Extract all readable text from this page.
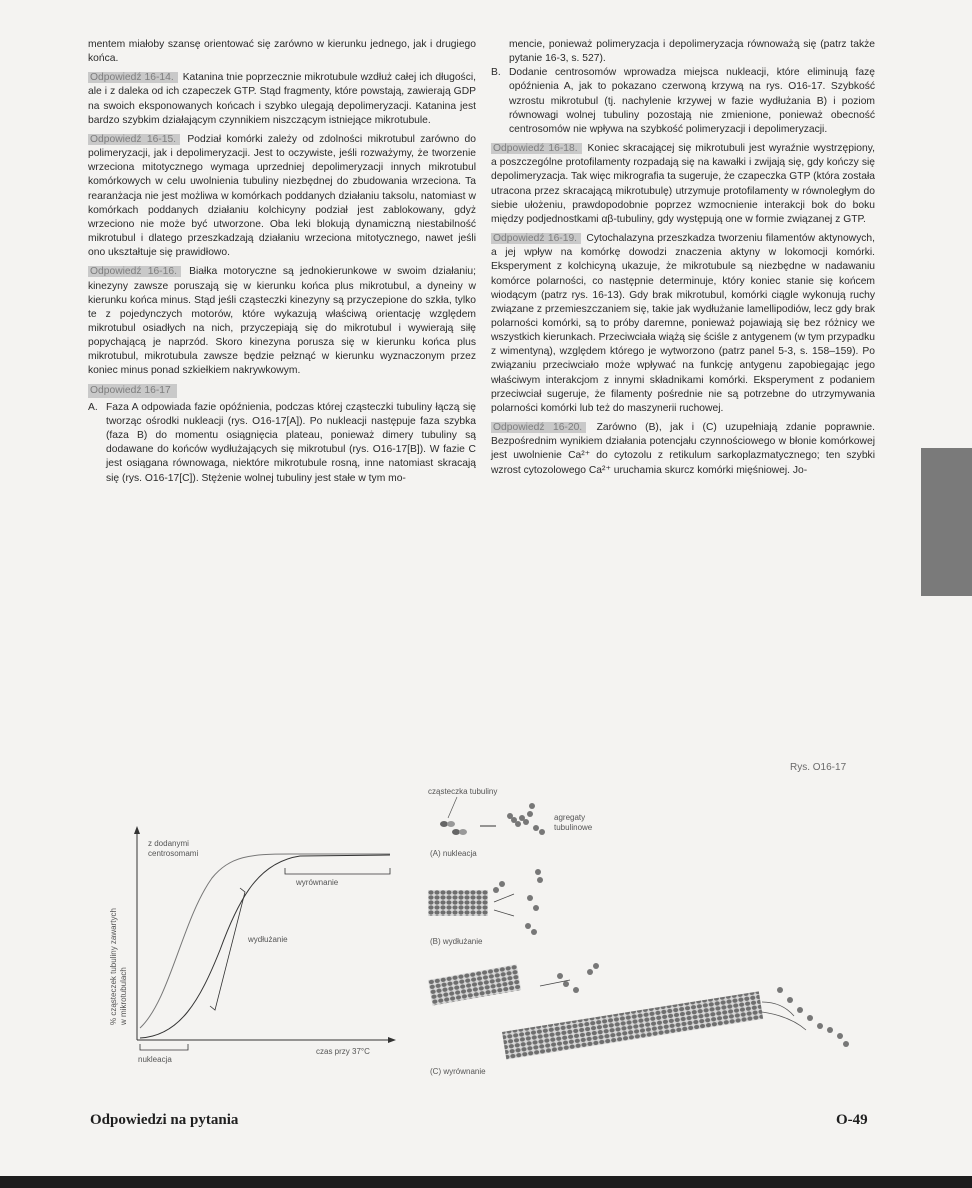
mentem miałoby szansę orientować się zarówno w kierunku jednego, jak i drugiego końca.

Odpowiedź 16-14. Katanina tnie poprzecznie mikrotubule wzdłuż całej ich długości, ale i z daleka od ich czapeczek GTP. Stąd fragmenty, które powstają, zawierają GDP na swoich eksponowanych końcach i szybko ulegają depolimeryzacji. Katanina jest bardzo szybkim działającym czynnikiem niszczącym istniejące mikrotubule.

Odpowiedź 16-15. Podział komórki zależy od zdolności mikrotubul zarówno do polimeryzacji, jak i depolimeryzacji. Jest to oczywiste, jeśli rozważymy, że tworzenie wrzeciona mitotycznego wymaga uprzedniej depolimeryzacji innych mikrotubul komórkowych w celu uwolnienia tubuliny niezbędnej do zbudowania wrzeciona. Ta rearanżacja nie jest możliwa w komórkach poddanych działaniu taksolu, natomiast w komórkach poddanych działaniu kolchicyny podział jest zablokowany, gdyż wrzeciono nie może być utworzone. Oba leki blokują dynamiczną niestabilność mikrotubul i dlatego przeszkadzają działaniu wrzeciona mitotycznego, nawet jeśli ono ukształtuje się prawidłowo.

Odpowiedź 16-16. Białka motoryczne są jednokierunkowe w swoim działaniu; kinezyny zawsze poruszają się w kierunku końca plus mikrotubul, a dyneiny w kierunku końca minus. Stąd jeśli cząsteczki kinezyny są przyczepione do szkła, tylko te z pojedynczych motorów, które wykazują właściwą orientację względem mikrotubul osiadłych na nich, przyczepiają się do mikrotubul i wywierają siłę popychającą je naprzód. Skoro kinezyna porusza się w kierunku końca plus mikrotubul, mikrotubula zawsze będzie pełznąć w kierunku wyznaczonym przez koniec minus ponad szkiełkiem nakrywkowym.

Odpowiedź 16-17
A. Faza A odpowiada fazie opóźnienia, podczas której cząsteczki tubuliny łączą się tworząc ośrodki nukleacji (rys. O16-17[A]). Po nukleacji następuje faza szybka (faza B) do momentu osiągnięcia plateau, ponieważ dimery tubuliny są dodawane do końców wydłużających się mikrotubul (rys. O16-17[B]). W fazie C jest osiągana równowaga, niektóre mikrotubule rosną, inne natomiast skracają się (rys. O16-17[C]). Stężenie wolnej tubuliny jest stałe w tym mo-
mencie, ponieważ polimeryzacja i depolimeryzacja równoważą się (patrz także pytanie 16-3, s. 527).
B. Dodanie centrosomów wprowadza miejsca nukleacji, które eliminują fazę opóźnienia A, jak to pokazano czerwoną krzywą na rys. O16-17. Szybkość wzrostu mikrotubul (tj. nachylenie krzywej w fazie wydłużania B) i poziom równowagi wolnej tubuliny pozostają nie zmienione, ponieważ obecność centrosomów nie wpływa na szybkość polimeryzacji i depolimeryzacji.

Odpowiedź 16-18. Koniec skracającej się mikrotubuli jest wyraźnie wystrzępiony, a poszczególne protofilamenty rozpadają się na kawałki i zwijają się, gdy kończy się depolimeryzacja. Tak więc mikrografia ta sugeruje, że czapeczka GTP (która została utracona przez skracającą mikrotubulę) utrzymuje protofilamenty w równoległym do siebie ułożeniu, prawdopodobnie poprzez wzmocnienie interakcji bok do boku między podjednostkami αβ-tubuliny, gdy występują one w formie związanej z GTP.

Odpowiedź 16-19. Cytochalazyna przeszkadza tworzeniu filamentów aktynowych, a jej wpływ na komórkę dowodzi znaczenia aktyny w lokomocji komórki. Eksperyment z kolchicyną ukazuje, że mikrotubule są niezbędne w nadawaniu komórce polarności, co następnie determinuje, który koniec stanie się końcem wiodącym (patrz rys. 16-13). Gdy brak mikrotubul, komórki ciągle wykonują ruchy związane z przemieszczaniem się, takie jak wydłużanie lamellipodiów, lecz gdy brak polarności komórki, są to próby daremne, ponieważ pojawiają się bez różnicy we wszystkich kierunkach. Przeciwciała wiążą się ściśle z antygenem (w tym przypadku z wimentyną), względem którego je wytworzono (patrz panel 5-3, s. 158–159). Po związaniu przeciwciało może wpływać na funkcję antygenu zapobiegając jego właściwym interakcjom z innymi składnikami komórki. Eksperyment z podaniem przeciwciał sugeruje, że filamenty pośrednie nie są potrzebne do utrzymywania polarności komórki lub też do maszynerii ruchowej.

Odpowiedź 16-20. Zarówno (B), jak i (C) uzupełniają zdanie poprawnie. Bezpośrednim wynikiem działania potencjału czynnościowego w błonie komórkowej jest uwolnienie Ca²⁺ do cytozolu z retikulum sarkoplazmatycznego; ten szybki wzrost cytozolowego Ca²⁺ uruchamia skurcz komórki mięśniowej. Jo-

Rys. O16-17
% cząsteczek tubuliny zawartych w mikrotubulach
z dodanymi
centrosomami
wyrównanie
wydłużanie
nukleacja
czas przy 37°C
cząsteczka tubuliny
agregaty
tubulinowe
(A) nukleacja
(B) wydłużanie
(C) wyrównanie
Odpowiedzi na pytania	O-49
